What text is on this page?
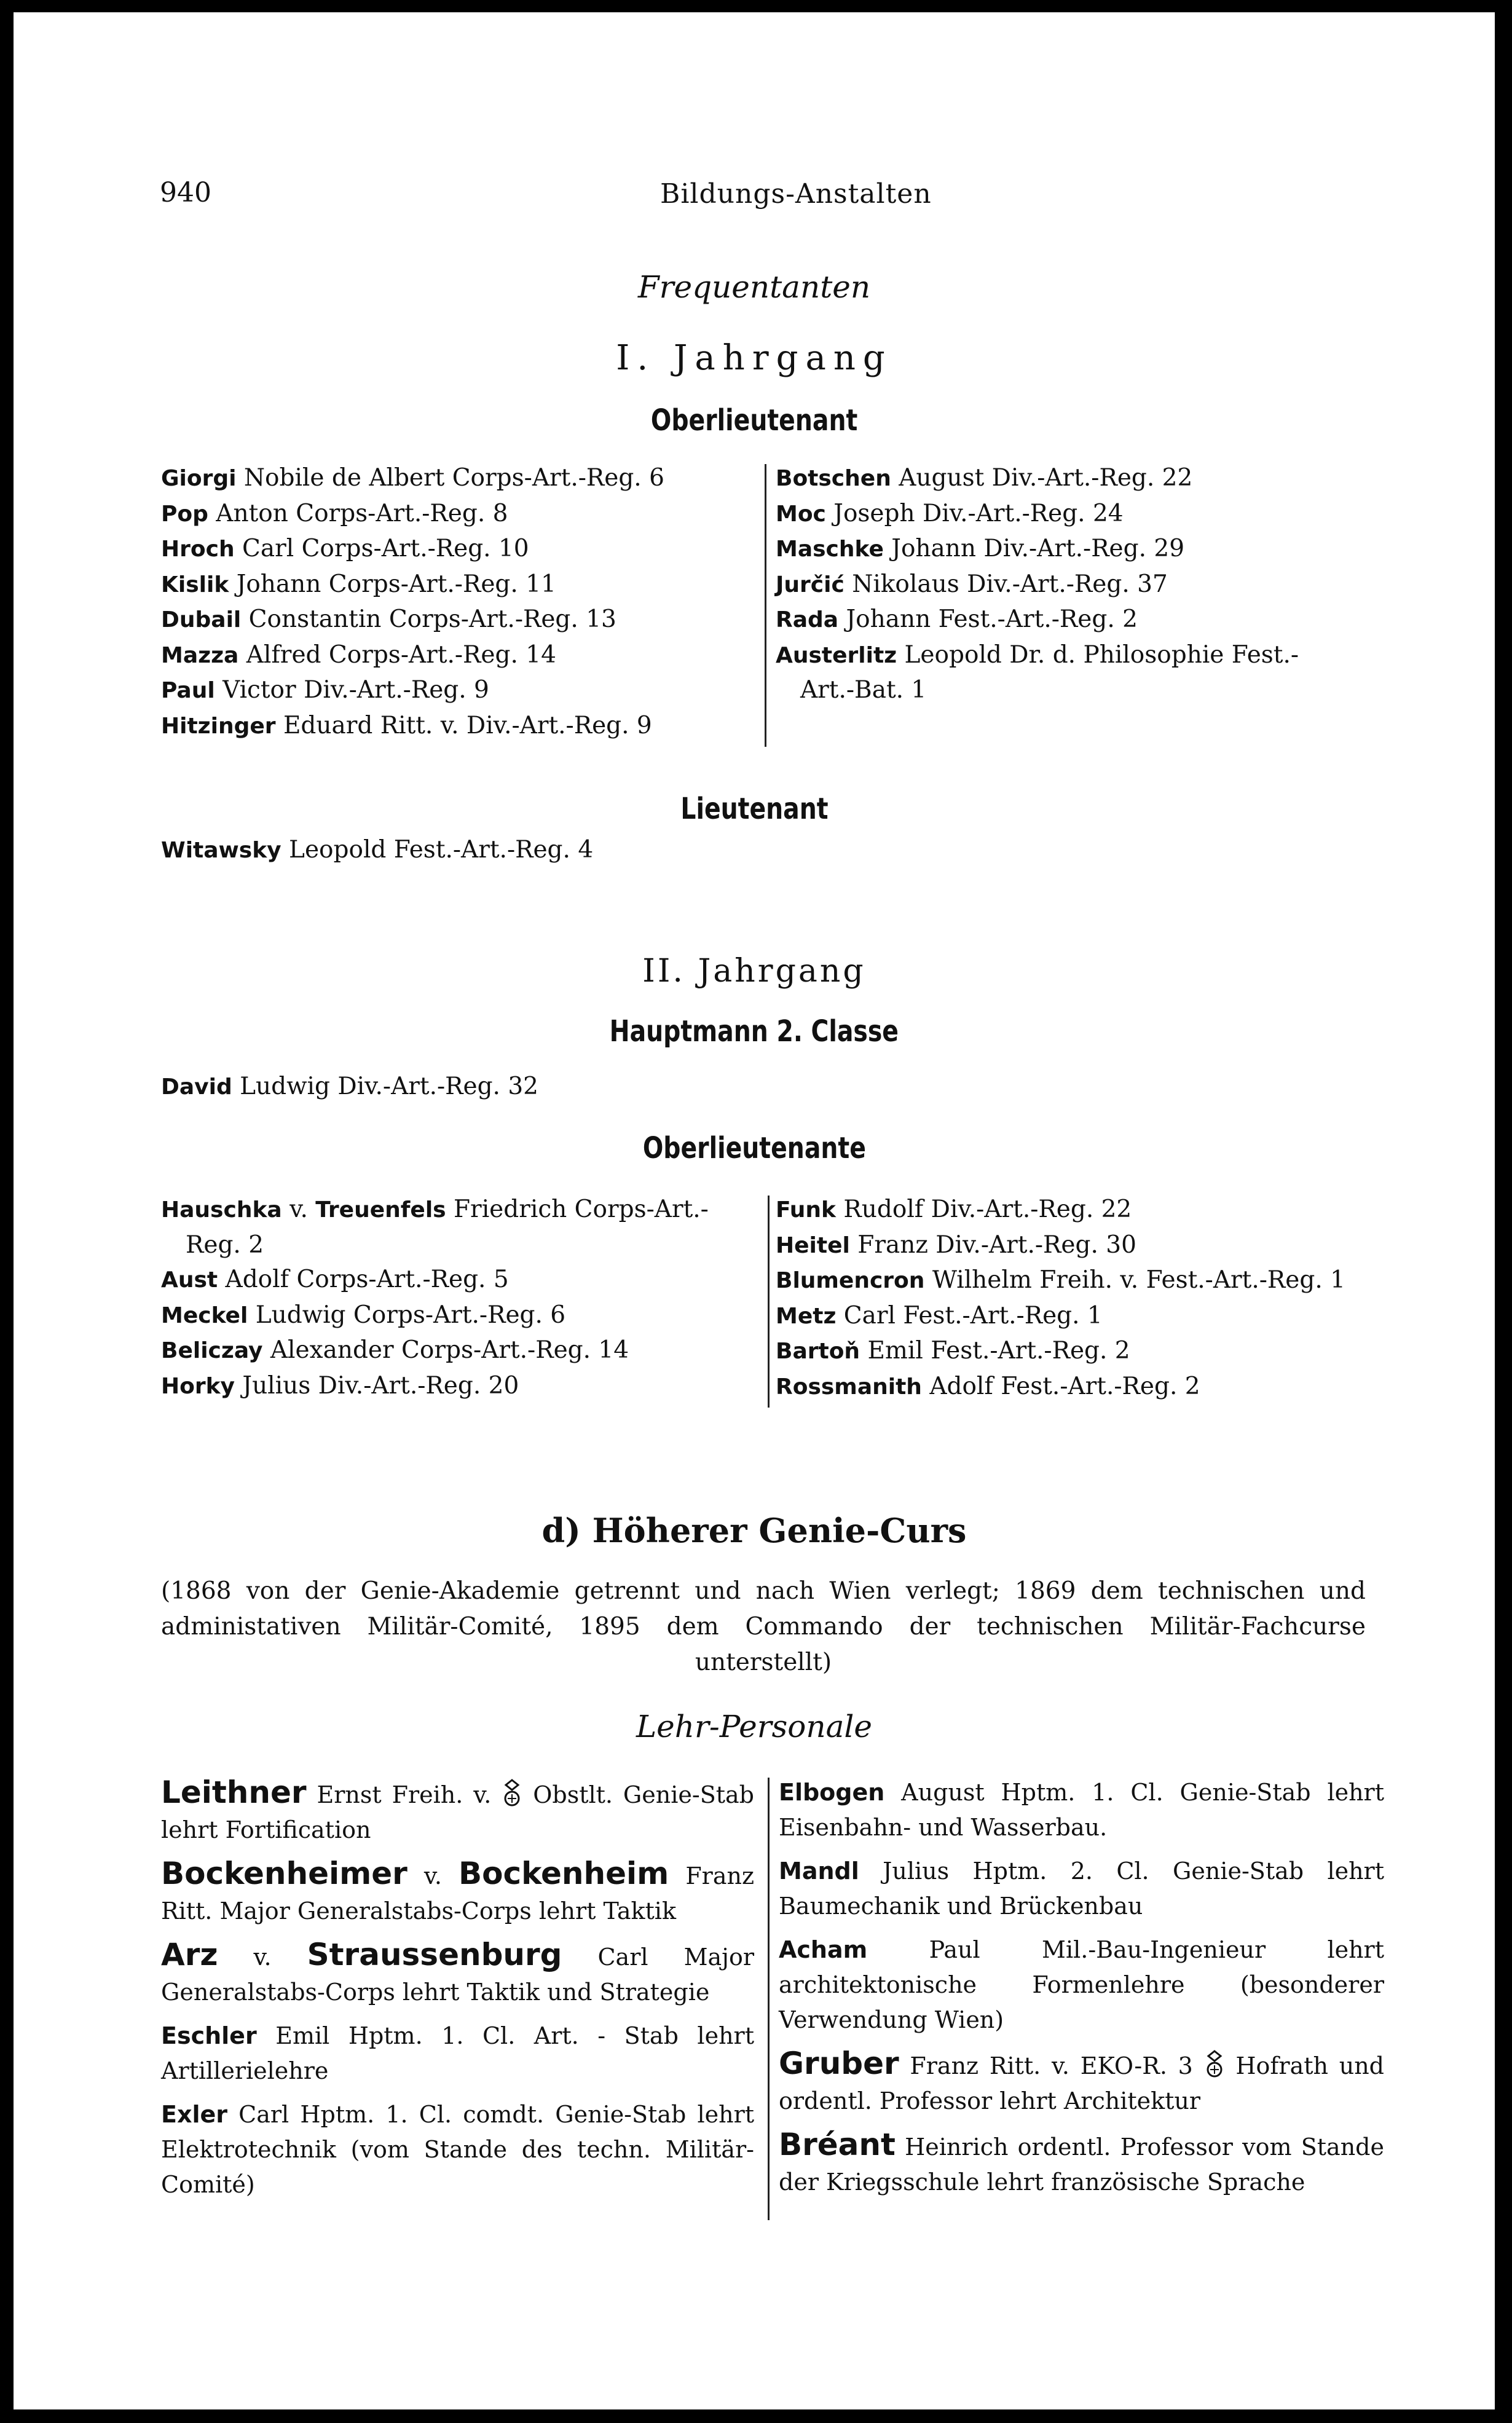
940	Bildungs-Anstalten
Frequentanten
I. Jahrgang
Oberlieutenant
Giorgi Nobile de Albert Corps-Art.-Reg. 6
Pop Anton Corps-Art.-Reg. 8
Hroch Carl Corps-Art.-Reg. 10
Kislik Johann Corps-Art.-Reg. 11
Dubail Constantin Corps-Art.-Reg. 13
Mazza Alfred Corps-Art.-Reg. 14
Paul Victor Div.-Art.-Reg. 9
Hitzinger Eduard Ritt. v. Div.-Art.-Reg. 9
Botschen August Div.-Art.-Reg. 22
Moc Joseph Div.-Art.-Reg. 24
Maschke Johann Div.-Art.-Reg. 29
Jurčić Nikolaus Div.-Art.-Reg. 37
Rada Johann Fest.-Art.-Reg. 2
Austerlitz Leopold Dr. d. Philosophie Fest.-
Art.-Bat. 1
Lieutenant
Witawsky Leopold Fest.-Art.-Reg. 4
II. Jahrgang
Hauptmann 2. Classe
David Ludwig Div.-Art.-Reg. 32
Oberlieutenante
Hauschka v. Treuenfels Friedrich Corps-Art.-
Reg. 2
Aust Adolf Corps-Art.-Reg. 5
Meckel Ludwig Corps-Art.-Reg. 6
Beliczay Alexander Corps-Art.-Reg. 14
Horky Julius Div.-Art.-Reg. 20
Funk Rudolf Div.-Art.-Reg. 22
Heitel Franz Div.-Art.-Reg. 30
Blumencron Wilhelm Freih. v. Fest.-Art.-Reg. 1
Metz Carl Fest.-Art.-Reg. 1
Bartoň Emil Fest.-Art.-Reg. 2
Rossmanith Adolf Fest.-Art.-Reg. 2
d) Höherer Genie-Curs
(1868 von der Genie-Akademie getrennt und nach Wien verlegt; 1869 dem technischen und administativen Militär-Comité, 1895 dem Commando der technischen Militär-Fachcurse unterstellt)
Lehr-Personale

Leithner Ernst Freih. v.  Obstlt. Genie-Stab lehrt Fortification

Bockenheimer v. Bockenheim Franz Ritt. Major Generalstabs-Corps lehrt Taktik

Arz v. Straussenburg Carl Major Generalstabs-Corps lehrt Taktik und Strategie

Eschler Emil Hptm. 1. Cl. Art. - Stab lehrt Artillerielehre

Exler Carl Hptm. 1. Cl. comdt. Genie-Stab lehrt Elektrotechnik (vom Stande des techn. Militär-Comité)

Elbogen August Hptm. 1. Cl. Genie-Stab lehrt Eisenbahn- und Wasserbau.

Mandl Julius Hptm. 2. Cl. Genie-Stab lehrt Baumechanik und Brückenbau

Acham Paul Mil.-Bau-Ingenieur lehrt architektonische Formenlehre (besonderer Verwendung Wien)

Gruber Franz Ritt. v. EKO-R. 3  Hofrath und ordentl. Professor lehrt Architektur

Bréant Heinrich ordentl. Professor vom Stande der Kriegsschule lehrt französische Sprache
